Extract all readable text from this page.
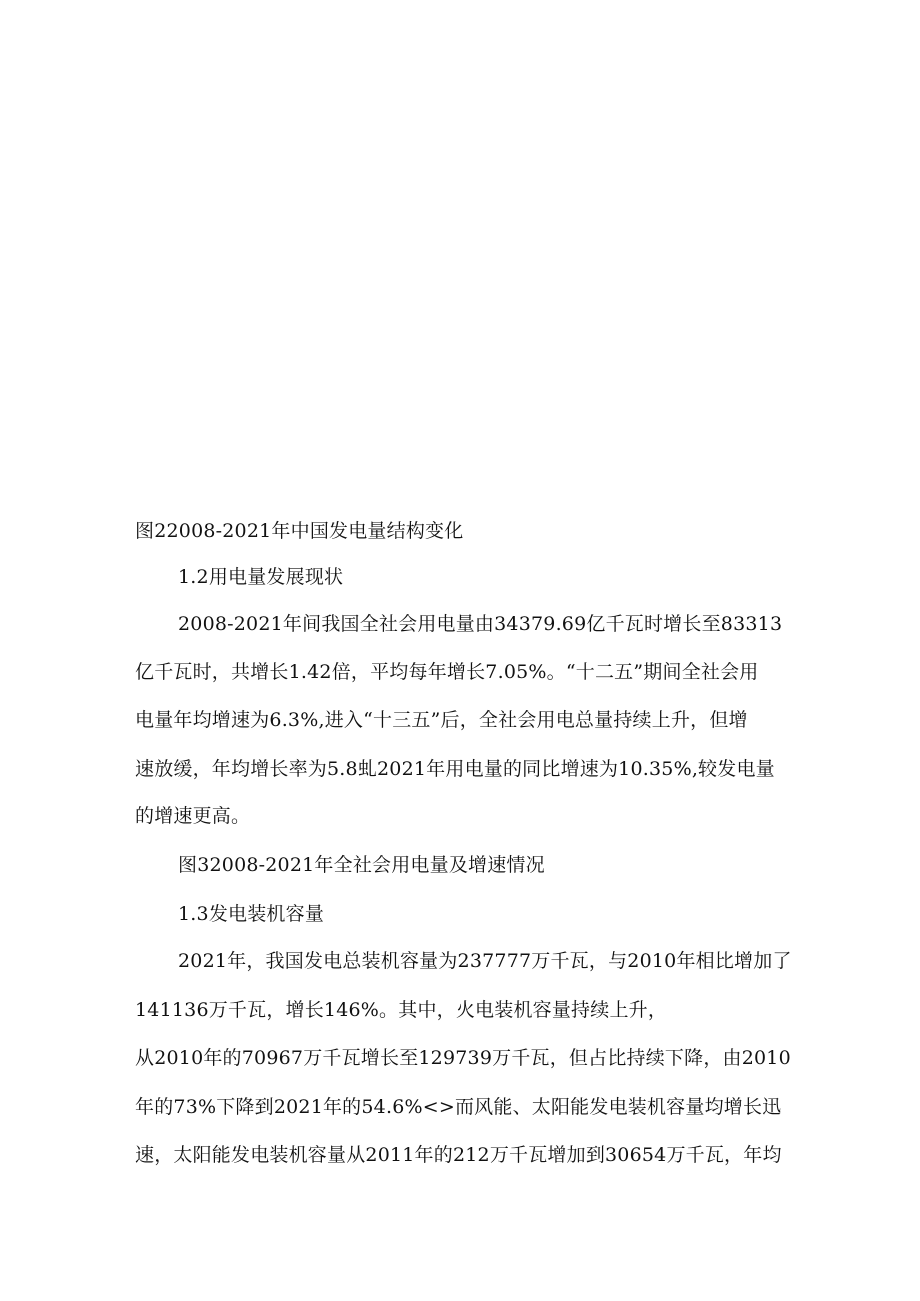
图22008-2021年中国发电量结构变化
1.2用电量发展现状
2008-2021年间我国全社会用电量由34379.69亿千瓦时增长至83313
亿千瓦时，共增长1.42倍，平均每年增长7.05%。“十二五”期间全社会用
电量年均增速为6.3%,进入“十三五”后，全社会用电总量持续上升，但增
速放缓，年均增长率为5.8虬2021年用电量的同比增速为10.35%,较发电量
的增速更高。
图32008-2021年全社会用电量及增速情况
1.3发电装机容量
2021年，我国发电总装机容量为237777万千瓦，与2010年相比增加了
141136万千瓦，增长146%。其中，火电装机容量持续上升，
从2010年的70967万千瓦增长至129739万千瓦，但占比持续下降，由2010
年的73%下降到2021年的54.6%<>而风能、太阳能发电装机容量均增长迅
速，太阳能发电装机容量从2011年的212万千瓦增加到30654万千瓦，年均
